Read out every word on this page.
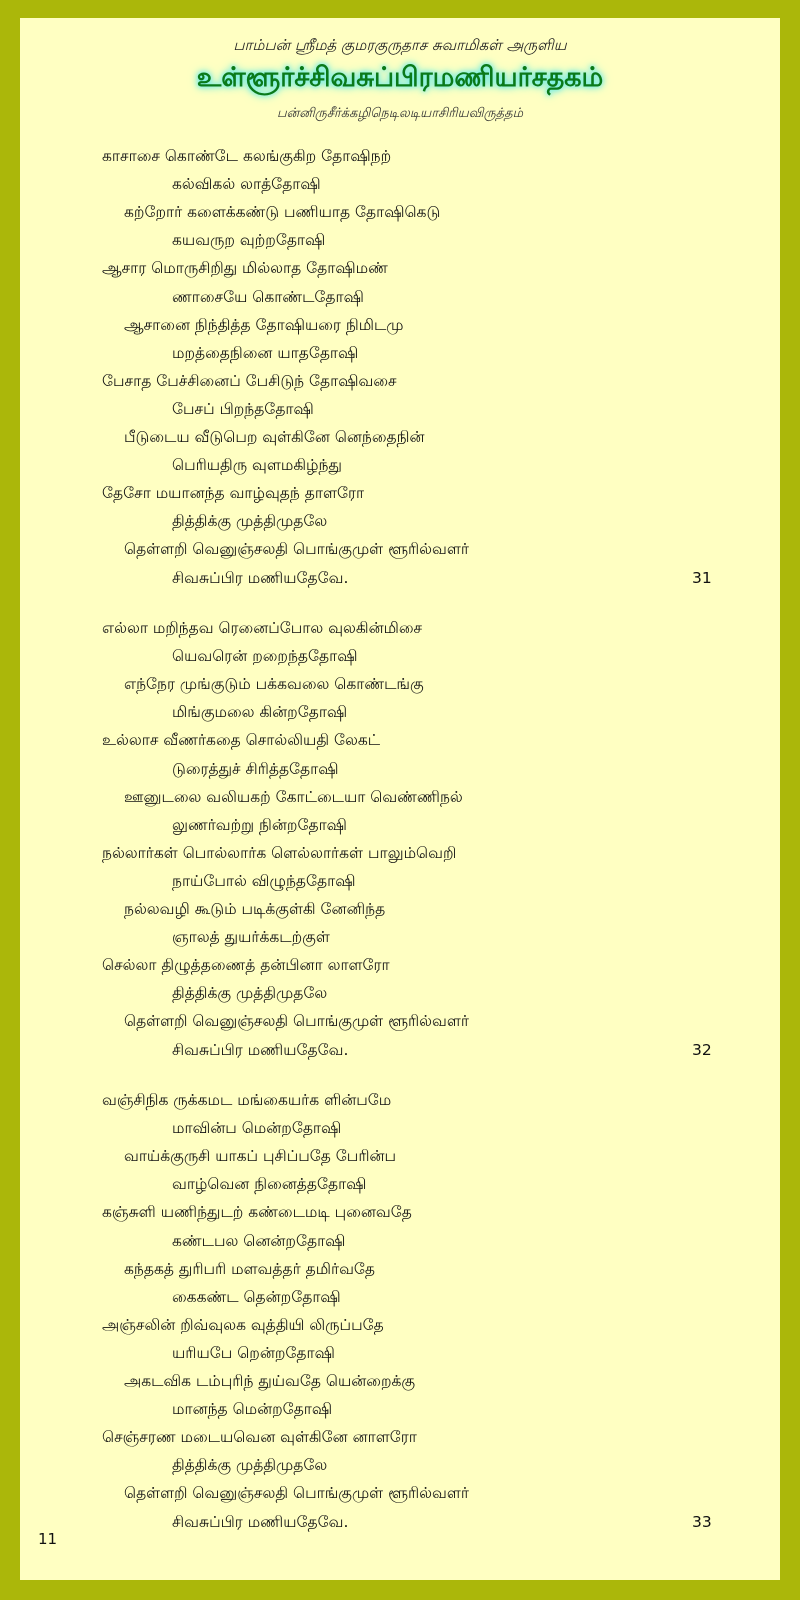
பாம்பன் ஸ்ரீமத் குமரகுருதாச சுவாமிகள் அருளிய
உள்ளூர்ச்சிவசுப்பிரமணியர்சதகம்
பன்னிருசீர்க்கழிநெடிலடியாசிரியவிருத்தம்
காசாசை கொண்டே கலங்குகிற தோஷிநற்
கல்விகல் லாத்தோஷி
கற்றோர் களைக்கண்டு பணியாத தோஷிகெடு
கயவருற வுற்றதோஷி
ஆசார மொருசிறிது மில்லாத தோஷிமண்
ணாசையே கொண்டதோஷி
ஆசானை நிந்தித்த தோஷியரை நிமிடமு
மறத்தைநினை யாததோஷி
பேசாத பேச்சினைப் பேசிடுந் தோஷிவசை
பேசப் பிறந்ததோஷி
பீடுடைய வீடுபெற வுள்கினே னெந்தைநின்
பெரியதிரு வுளமகிழ்ந்து
தேசோ மயானந்த வாழ்வுதந் தாளரோ
தித்திக்கு முத்திமுதலே
தெள்ளறி வெனுஞ்சலதி பொங்குமுள் ளூரில்வளர்
சிவசுப்பிர மணியதேவே.	31
எல்லா மறிந்தவ ரெனைப்போல வுலகின்மிசை
யெவரென் றறைந்ததோஷி
எந்நேர முங்குடும் பக்கவலை கொண்டங்கு
மிங்குமலை கின்றதோஷி
உல்லாச வீணர்கதை சொல்லியதி லேகட்
டுரைத்துச் சிரித்ததோஷி
ஊனுடலை வலியகற் கோட்டையா வெண்ணிநல்
லுணர்வற்று நின்றதோஷி
நல்லார்கள் பொல்லார்க ளெல்லார்கள் பாலும்வெறி
நாய்போல் விழுந்ததோஷி
நல்லவழி கூடும் படிக்குள்கி னேனிந்த
ஞாலத் துயர்க்கடற்குள்
செல்லா திழுத்தணைத் தன்பினா லாளரோ
தித்திக்கு முத்திமுதலே
தெள்ளறி வெனுஞ்சலதி பொங்குமுள் ளூரில்வளர்
சிவசுப்பிர மணியதேவே.	32
வஞ்சிநிக ருக்கமட மங்கையர்க ளின்பமே
மாவின்ப மென்றதோஷி
வாய்க்குருசி யாகப் புசிப்பதே பேரின்ப
வாழ்வென நினைத்ததோஷி
கஞ்சுளி யணிந்துடற் கண்டைமடி புனைவதே
கண்டபல னென்றதோஷி
கந்தகத் துரிபரி மளவத்தர் தமிர்வதே
கைகண்ட தென்றதோஷி
அஞ்சலின் றிவ்வுலக வுத்தியி லிருப்பதே
யரியபே றென்றதோஷி
அகடவிக டம்புரிந் துய்வதே யென்றைக்கு
மானந்த மென்றதோஷி
செஞ்சரண மடையவென வுள்கினே னாளரோ
தித்திக்கு முத்திமுதலே
தெள்ளறி வெனுஞ்சலதி பொங்குமுள் ளூரில்வளர்
சிவசுப்பிர மணியதேவே.	33
11
